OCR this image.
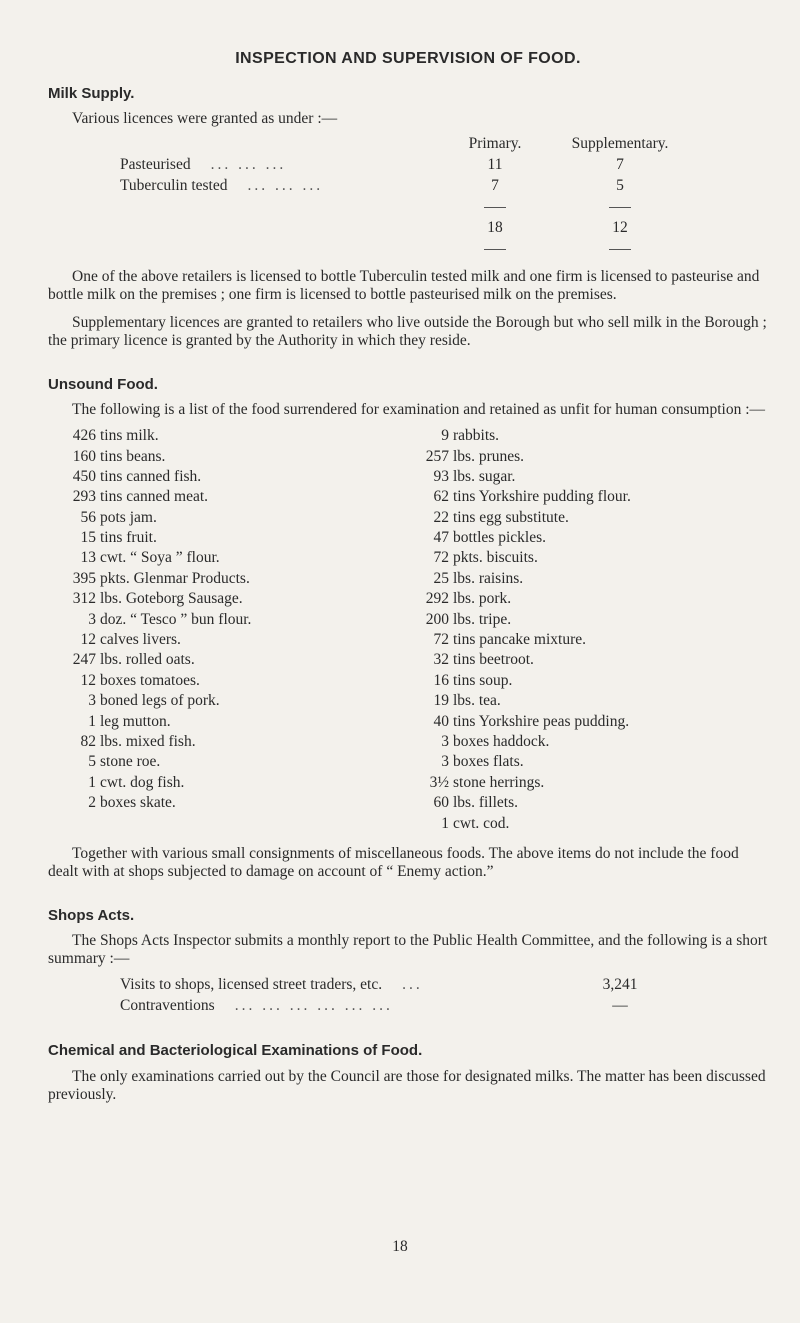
INSPECTION AND SUPERVISION OF FOOD.
Milk Supply.
Various licences were granted as under :—
Primary.	Supplementary.
Pasteurised ... ... ...	11	7
Tuberculin tested ... ... ...	7	5
18	12
One of the above retailers is licensed to bottle Tuberculin tested milk and one firm is licensed to pasteurise and bottle milk on the premises ; one firm is licensed to bottle pasteurised milk on the premises.
Supplementary licences are granted to retailers who live outside the Borough but who sell milk in the Borough ; the primary licence is granted by the Authority in which they reside.
Unsound Food.
The following is a list of the food surrendered for examination and retained as unfit for human consumption :—
426 tins milk.
160 tins beans.
450 tins canned fish.
293 tins canned meat.
56 pots jam.
15 tins fruit.
13 cwt. “ Soya ” flour.
395 pkts. Glenmar Products.
312 lbs. Goteborg Sausage.
3 doz. “ Tesco ” bun flour.
12 calves livers.
247 lbs. rolled oats.
12 boxes tomatoes.
3 boned legs of pork.
1 leg mutton.
82 lbs. mixed fish.
5 stone roe.
1 cwt. dog fish.
2 boxes skate.
9 rabbits.
257 lbs. prunes.
93 lbs. sugar.
62 tins Yorkshire pudding flour.
22 tins egg substitute.
47 bottles pickles.
72 pkts. biscuits.
25 lbs. raisins.
292 lbs. pork.
200 lbs. tripe.
72 tins pancake mixture.
32 tins beetroot.
16 tins soup.
19 lbs. tea.
40 tins Yorkshire peas pudding.
3 boxes haddock.
3 boxes flats.
3½ stone herrings.
60 lbs. fillets.
1 cwt. cod.
Together with various small consignments of miscellaneous foods. The above items do not include the food dealt with at shops subjected to damage on account of “ Enemy action.”
Shops Acts.
The Shops Acts Inspector submits a monthly report to the Public Health Committee, and the following is a short summary :—
Visits to shops, licensed street traders, etc. ...	3,241
Contraventions ... ... ... ... ... ...	—
Chemical and Bacteriological Examinations of Food.
The only examinations carried out by the Council are those for designated milks. The matter has been discussed previously.
18
